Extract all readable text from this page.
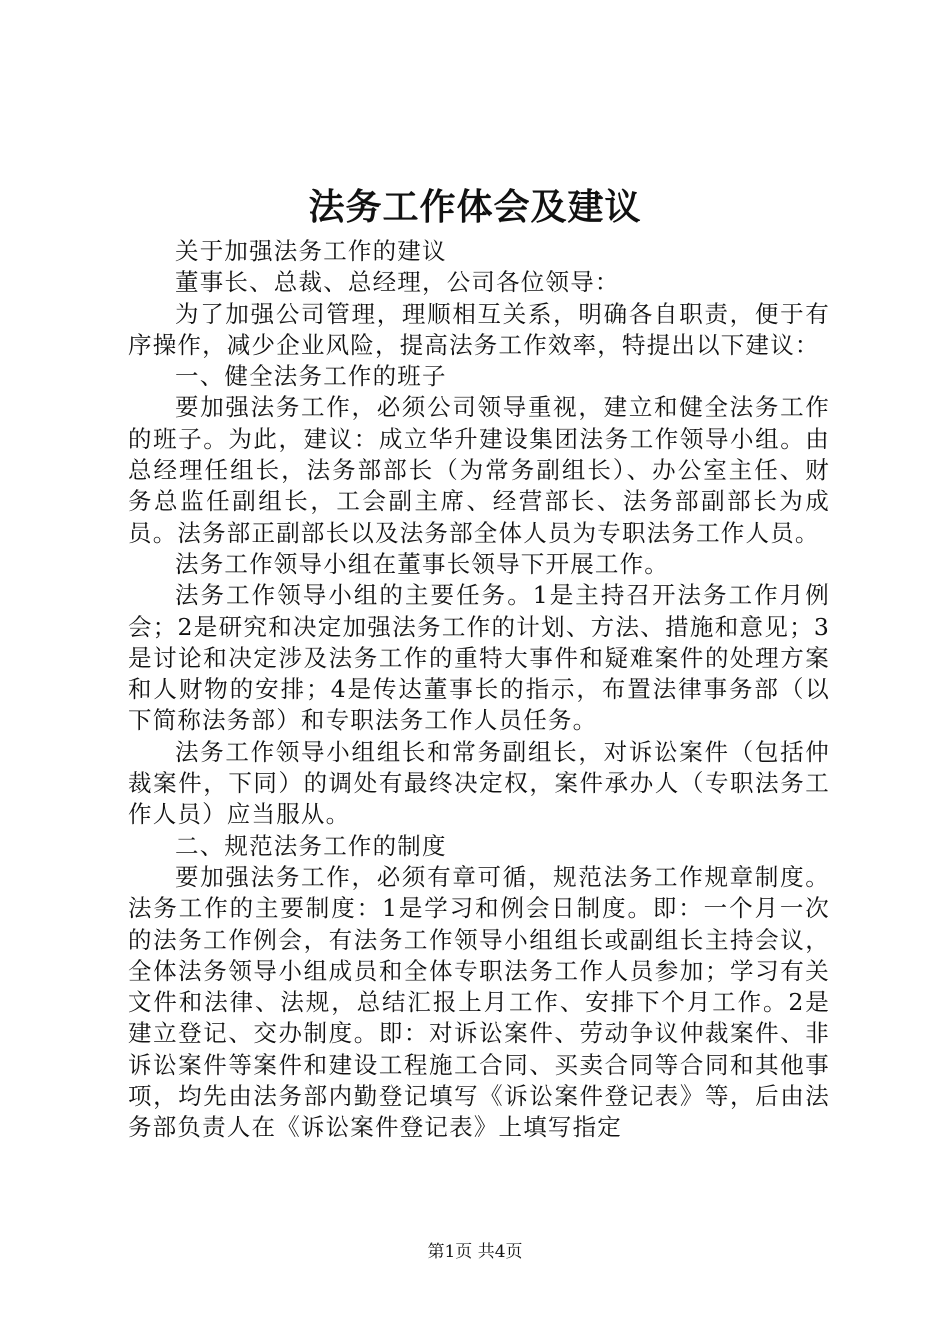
法务工作体会及建议

关于加强法务工作的建议

董事长、总裁、总经理，公司各位领导：

为了加强公司管理，理顺相互关系，明确各自职责，便于有序操作，减少企业风险，提高法务工作效率，特提出以下建议：

一、健全法务工作的班子

要加强法务工作，必须公司领导重视，建立和健全法务工作的班子。为此，建议：成立华升建设集团法务工作领导小组。由总经理任组长，法务部部长（为常务副组长）、办公室主任、财务总监任副组长，工会副主席、经营部长、法务部副部长为成员。法务部正副部长以及法务部全体人员为专职法务工作人员。

法务工作领导小组在董事长领导下开展工作。

法务工作领导小组的主要任务。1是主持召开法务工作月例会；2是研究和决定加强法务工作的计划、方法、措施和意见；3是讨论和决定涉及法务工作的重特大事件和疑难案件的处理方案和人财物的安排；4是传达董事长的指示，布置法律事务部（以下简称法务部）和专职法务工作人员任务。

法务工作领导小组组长和常务副组长，对诉讼案件（包括仲裁案件，下同）的调处有最终决定权，案件承办人（专职法务工作人员）应当服从。

二、规范法务工作的制度

要加强法务工作，必须有章可循，规范法务工作规章制度。法务工作的主要制度：1是学习和例会日制度。即：一个月一次的法务工作例会，有法务工作领导小组组长或副组长主持会议，全体法务领导小组成员和全体专职法务工作人员参加；学习有关文件和法律、法规，总结汇报上月工作、安排下个月工作。2是建立登记、交办制度。即：对诉讼案件、劳动争议仲裁案件、非诉讼案件等案件和建设工程施工合同、买卖合同等合同和其他事项，均先由法务部内勤登记填写《诉讼案件登记表》等，后由法务部负责人在《诉讼案件登记表》上填写指定

第1页 共4页
